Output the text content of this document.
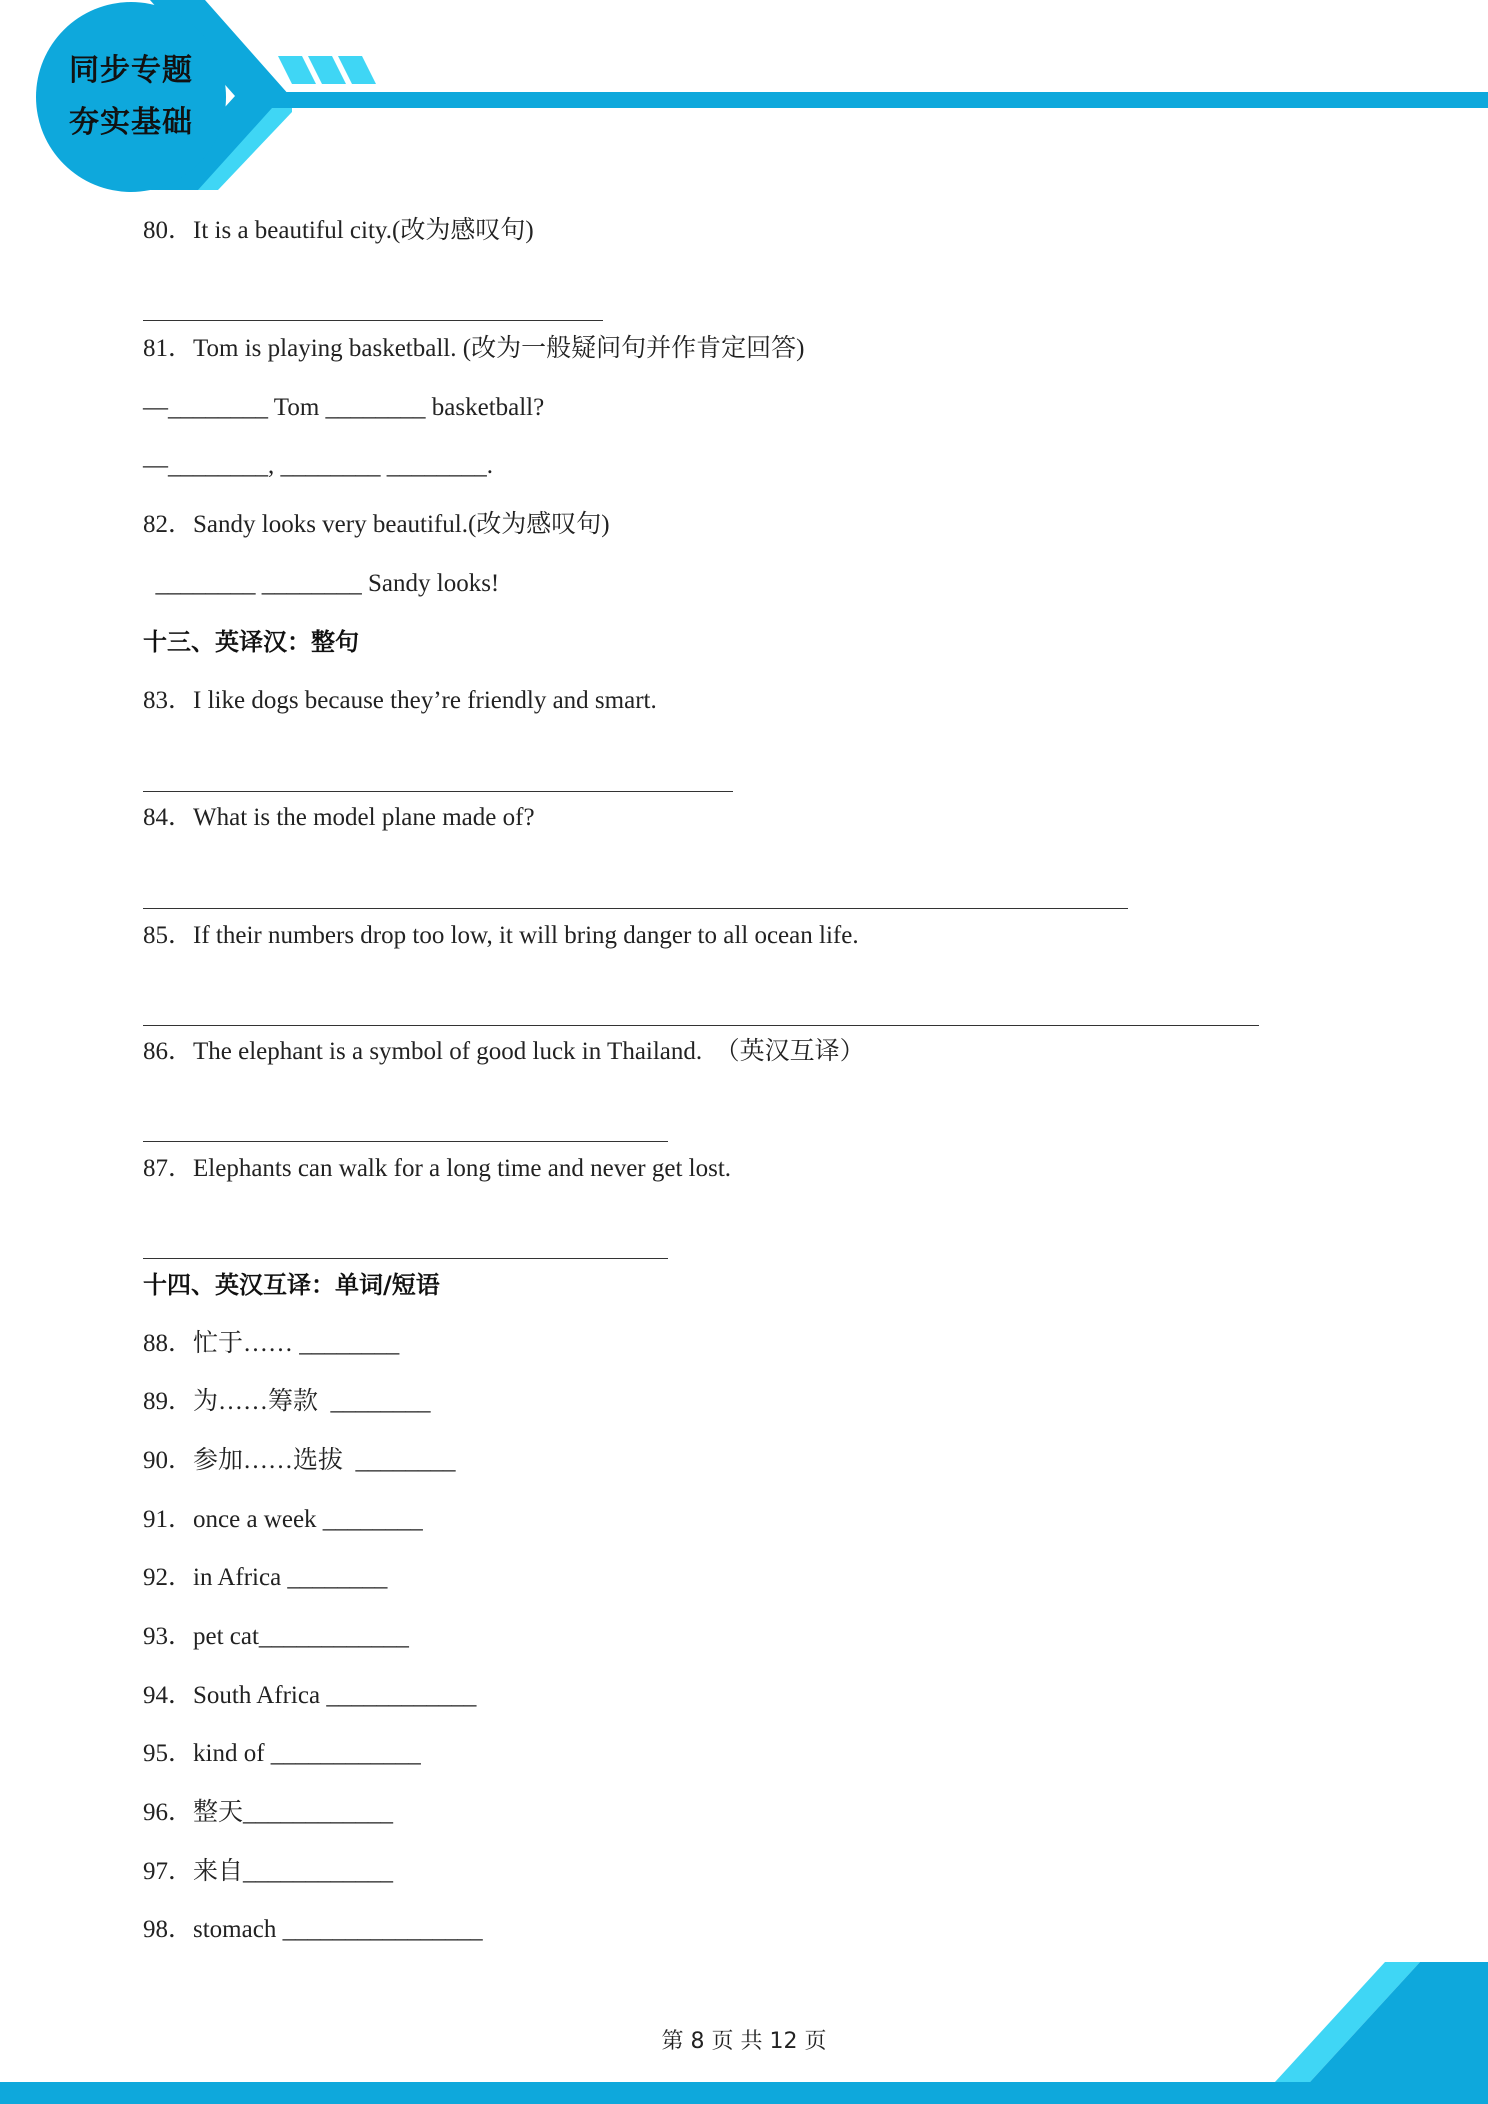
同步专题
夯实基础
80．It is a beautiful city.(改为感叹句)
81．Tom is playing basketball. (改为一般疑问句并作肯定回答)
—________ Tom ________ basketball?
—________, ________ ________.
82．Sandy looks very beautiful.(改为感叹句)
________ ________ Sandy looks!
十三、英译汉：整句
83．I like dogs because they’re friendly and smart.
84．What is the model plane made of?
85．If their numbers drop too low, it will bring danger to all ocean life.
86．The elephant is a symbol of good luck in Thailand.  （英汉互译）
87．Elephants can walk for a long time and never get lost.
十四、英汉互译：单词/短语
88．忙于…… ________
89．为……筹款  ________
90．参加……选拔  ________
91．once a week ________
92．in Africa ________
93．pet cat____________
94．South Africa ____________
95．kind of ____________
96．整天____________
97．来自____________
98．stomach ________________
第 8 页 共 12 页
